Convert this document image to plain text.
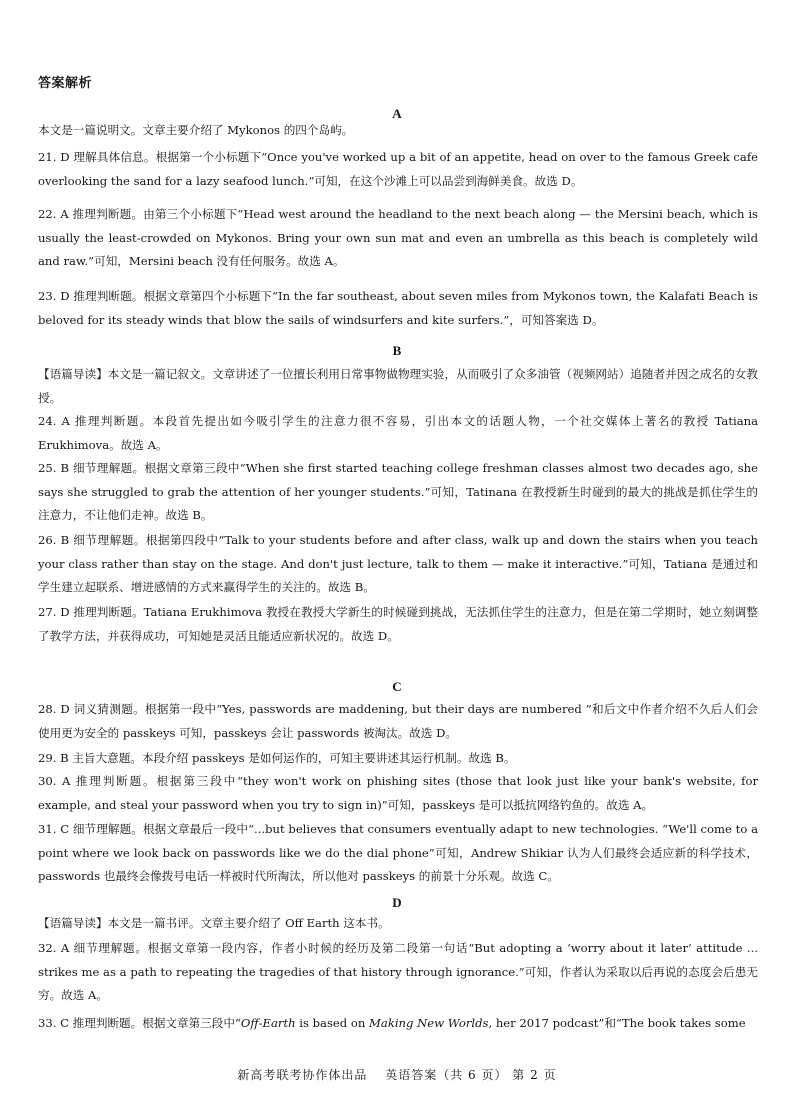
答案解析
A
本文是一篇说明文。文章主要介绍了 Mykonos 的四个岛屿。
21. D 理解具体信息。根据第一个小标题下“Once you've worked up a bit of an appetite, head on over to the famous Greek cafe overlooking the sand for a lazy seafood lunch.”可知，在这个沙滩上可以品尝到海鲜美食。故选 D。
22. A 推理判断题。由第三个小标题下“Head west around the headland to the next beach along — the Mersini beach, which is usually the least-crowded on Mykonos. Bring your own sun mat and even an umbrella as this beach is completely wild and raw.”可知，Mersini beach 没有任何服务。故选 A。
23. D 推理判断题。根据文章第四个小标题下“In the far southeast, about seven miles from Mykonos town, the Kalafati Beach is beloved for its steady winds that blow the sails of windsurfers and kite surfers.”，可知答案选 D。
B
【语篇导读】本文是一篇记叙文。文章讲述了一位擅长利用日常事物做物理实验，从而吸引了众多油管（视频网站）追随者并因之成名的女教授。
24. A 推理判断题。本段首先提出如今吸引学生的注意力很不容易，引出本文的话题人物，一个社交媒体上著名的教授 Tatiana Erukhimova。故选 A。
25. B 细节理解题。根据文章第三段中“When she first started teaching college freshman classes almost two decades ago, she says she struggled to grab the attention of her younger students.”可知，Tatinana 在教授新生时碰到的最大的挑战是抓住学生的注意力，不让他们走神。故选 B。
26. B 细节理解题。根据第四段中“Talk to your students before and after class, walk up and down the stairs when you teach your class rather than stay on the stage. And don't just lecture, talk to them — make it interactive.”可知，Tatiana 是通过和学生建立起联系、增进感情的方式来赢得学生的关注的。故选 B。
27. D 推理判断题。Tatiana Erukhimova 教授在教授大学新生的时候碰到挑战，无法抓住学生的注意力，但是在第二学期时，她立刻调整了教学方法，并获得成功，可知她是灵活且能适应新状况的。故选 D。
C
28. D 词义猜测题。根据第一段中“Yes, passwords are maddening, but their days are numbered ”和后文中作者介绍不久后人们会使用更为安全的 passkeys 可知，passkeys 会让 passwords 被淘汰。故选 D。
29. B 主旨大意题。本段介绍 passkeys 是如何运作的，可知主要讲述其运行机制。故选 B。
30. A 推理判断题。根据第三段中“they won't work on phishing sites (those that look just like your bank's website, for example, and steal your password when you try to sign in)”可知，passkeys 是可以抵抗网络钓鱼的。故选 A。
31. C 细节理解题。根据文章最后一段中“...but believes that consumers eventually adapt to new technologies. “We'll come to a point where we look back on passwords like we do the dial phone”可知，Andrew Shikiar 认为人们最终会适应新的科学技术，passwords 也最终会像拨号电话一样被时代所淘汰，所以他对 passkeys 的前景十分乐观。故选 C。
D
【语篇导读】本文是一篇书评。文章主要介绍了 Off Earth 这本书。
32. A 细节理解题。根据文章第一段内容，作者小时候的经历及第二段第一句话“But adopting a ‘worry about it later’ attitude ... strikes me as a path to repeating the tragedies of that history through ignorance.”可知，作者认为采取以后再说的态度会后患无穷。故选 A。
33. C 推理判断题。根据文章第三段中“Off-Earth is based on Making New Worlds, her 2017 podcast”和“The book takes some
新高考联考协作体出品　 英语答案（共 6 页） 第 2 页
